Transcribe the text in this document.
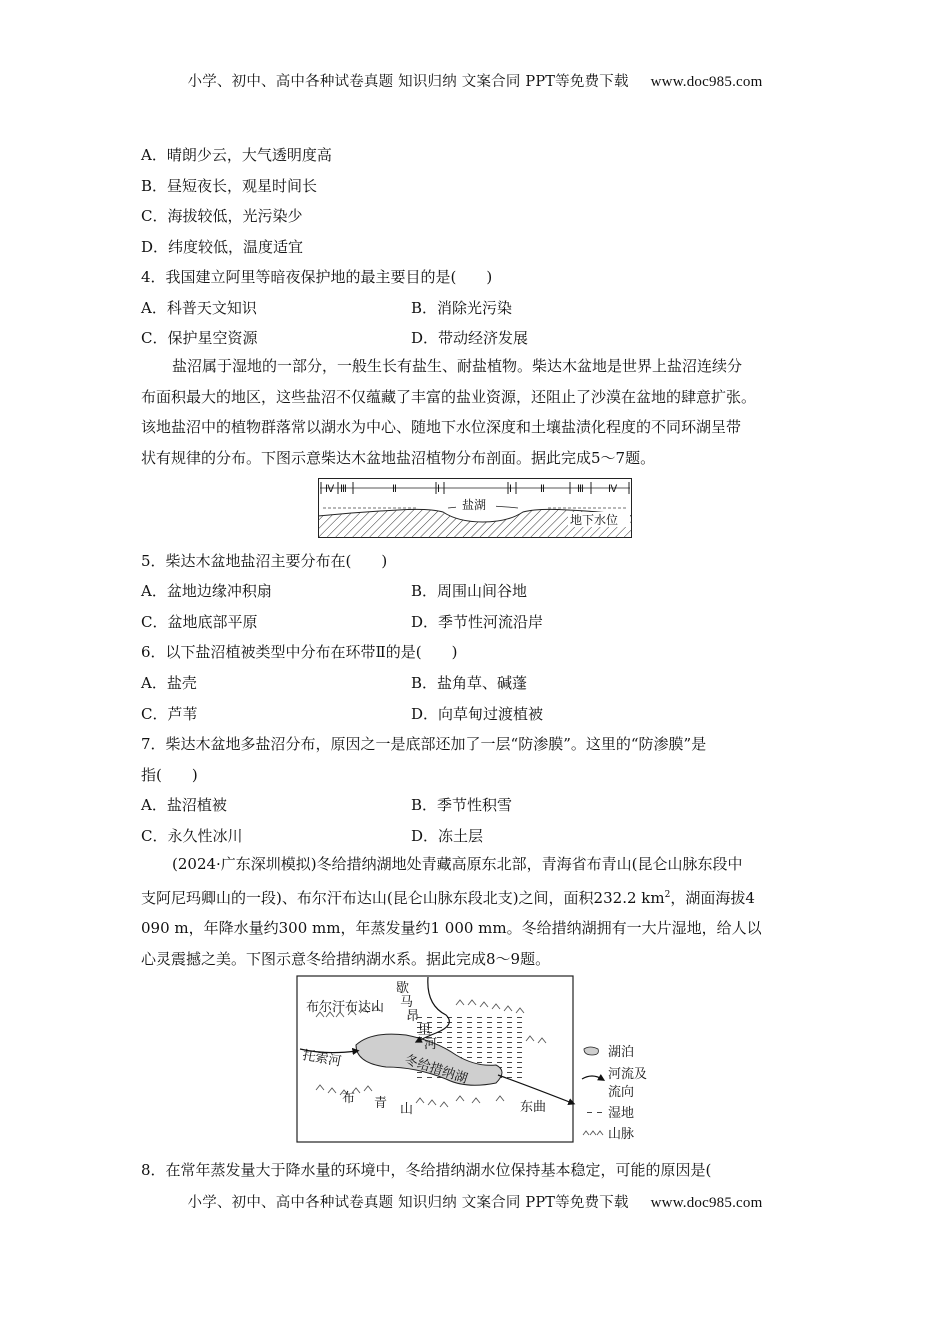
小学、初中、高中各种试卷真题 知识归纳 文案合同 PPT等免费下载 www.doc985.com
A．晴朗少云，大气透明度高
B．昼短夜长，观星时间长
C．海拔较低，光污染少
D．纬度较低，温度适宜
4．我国建立阿里等暗夜保护地的最主要目的是(　　)
A．科普天文知识	B．消除光污染
C．保护星空资源	D．带动经济发展
盐沼属于湿地的一部分，一般生长有盐生、耐盐植物。柴达木盆地是世界上盐沼连续分
布面积最大的地区，这些盐沼不仅蕴藏了丰富的盐业资源，还阻止了沙漠在盆地的肆意扩张。
该地盐沼中的植物群落常以湖水为中心、随地下水位深度和土壤盐渍化程度的不同环湖呈带
状有规律的分布。下图示意柴达木盆地盐沼植物分布剖面。据此完成5～7题。
Ⅳ Ⅲ	Ⅱ	Ⅰ	Ⅰ	Ⅱ	Ⅲ Ⅳ
盐湖
地下水位
5．柴达木盆地盐沼主要分布在(　　)
A．盆地边缘冲积扇	B．周围山间谷地
C．盆地底部平原	D．季节性河流沿岸
6．以下盐沼植被类型中分布在环带Ⅱ的是(　　)
A．盐壳	B．盐角草、碱蓬
C．芦苇	D．向草甸过渡植被
7．柴达木盆地多盐沼分布，原因之一是底部还加了一层“防渗膜”。这里的“防渗膜”是
指(　　)
A．盐沼植被	B．季节性积雪
C．永久性冰川	D．冻土层
(2024·广东深圳模拟)冬给措纳湖地处青藏高原东北部，青海省布青山(昆仑山脉东段中
支阿尼玛卿山的一段)、布尔汗布达山(昆仑山脉东段北支)之间，面积232.2 $km^2$，湖面海拔4
090 m，年降水量约300 mm，年蒸发量约1 000 mm。冬给措纳湖拥有一大片湿地，给人以
心灵震撼之美。下图示意冬给措纳湖水系。据此完成8～9题。
布尔汗布达山
歇
马
昂
里
河
托索河	冬给措纳湖
布 青 山	东曲
湖泊
河流及
流向
湿地
山脉
8．在常年蒸发量大于降水量的环境中，冬给措纳湖水位保持基本稳定，可能的原因是(
小学、初中、高中各种试卷真题 知识归纳 文案合同 PPT等免费下载 www.doc985.com
